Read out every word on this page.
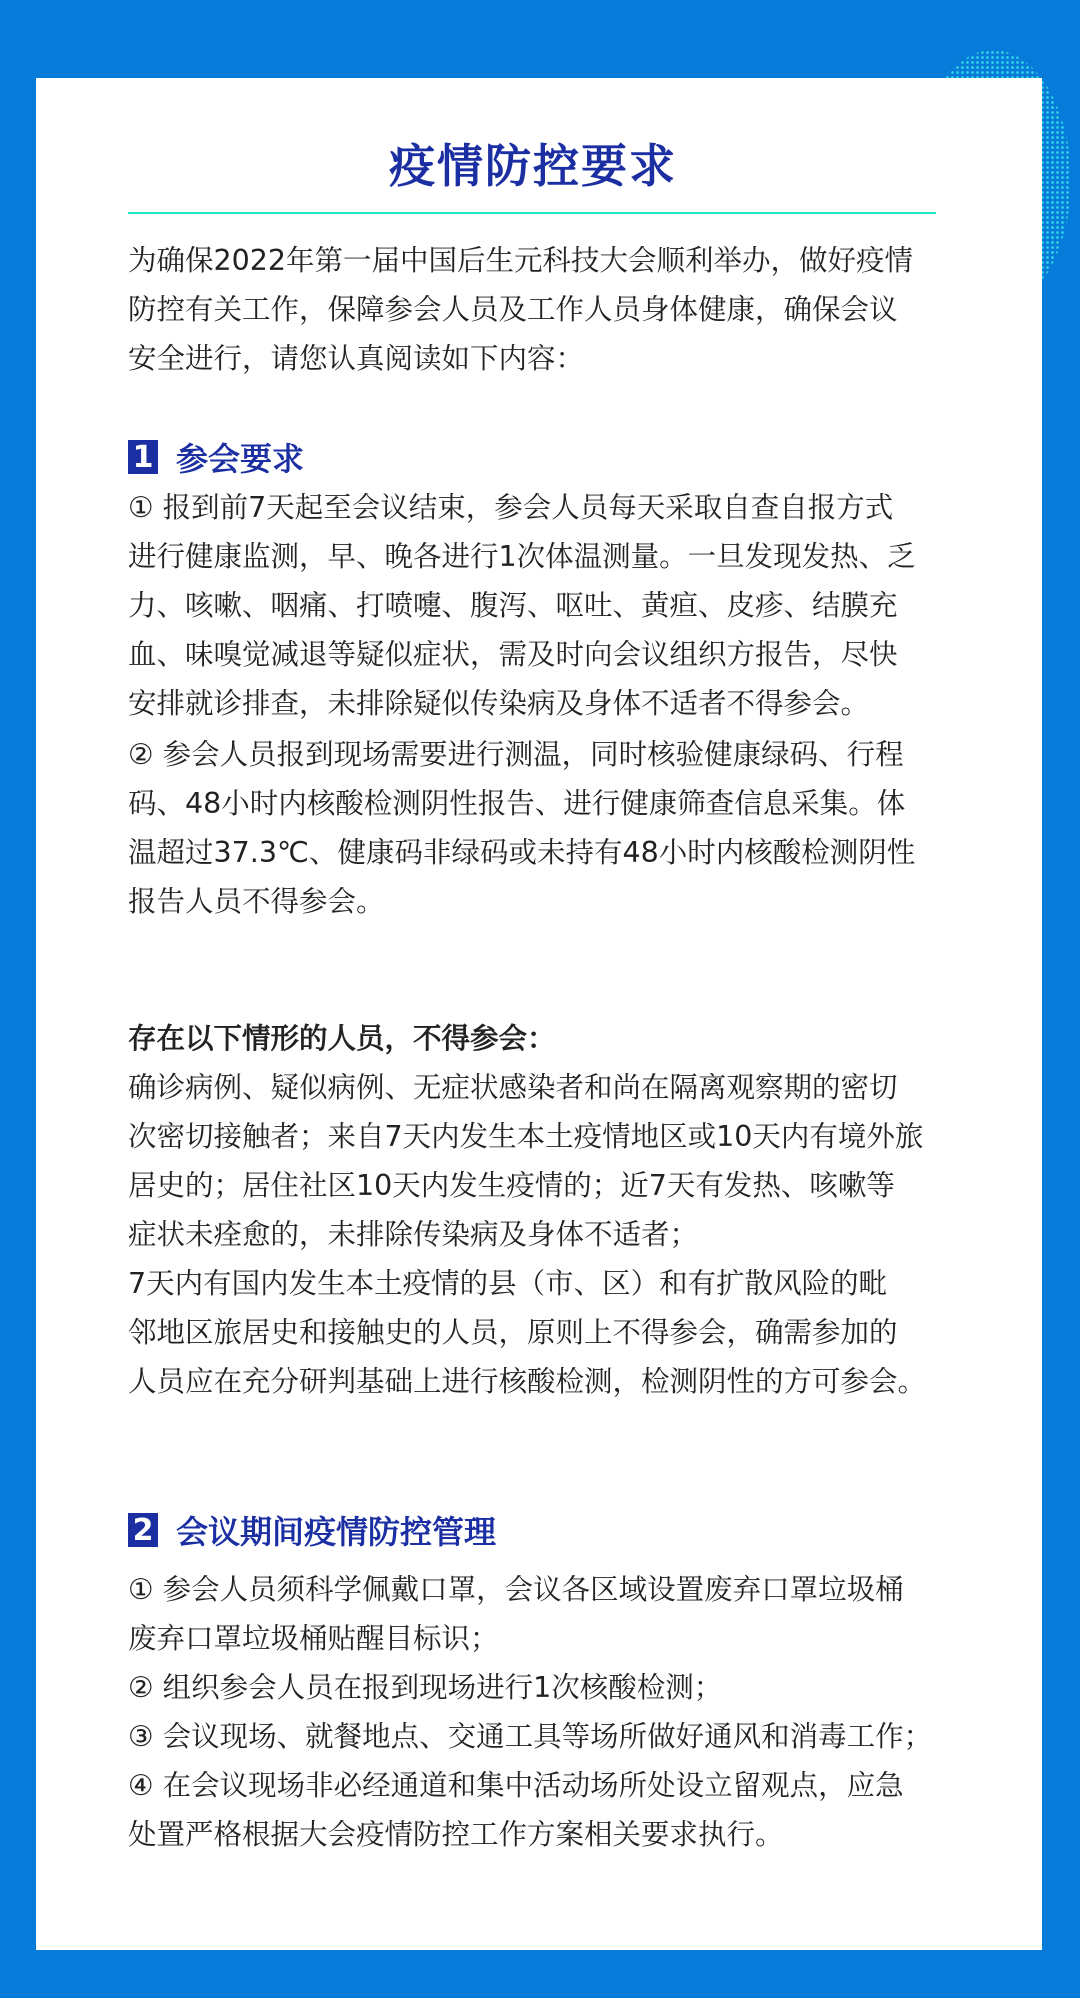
疫情防控要求
为确保2022年第一届中国后生元科技大会顺利举办，做好疫情
防控有关工作，保障参会人员及工作人员身体健康，确保会议
安全进行，请您认真阅读如下内容：
1 参会要求
① 报到前7天起至会议结束，参会人员每天采取自查自报方式
进行健康监测，早、晚各进行1次体温测量。一旦发现发热、乏
力、咳嗽、咽痛、打喷嚏、腹泻、呕吐、黄疸、皮疹、结膜充
血、味嗅觉减退等疑似症状，需及时向会议组织方报告，尽快
安排就诊排查，未排除疑似传染病及身体不适者不得参会。
② 参会人员报到现场需要进行测温，同时核验健康绿码、行程
码、48小时内核酸检测阴性报告、进行健康筛查信息采集。体
温超过37.3℃、健康码非绿码或未持有48小时内核酸检测阴性
报告人员不得参会。
存在以下情形的人员，不得参会：
确诊病例、疑似病例、无症状感染者和尚在隔离观察期的密切
次密切接触者；来自7天内发生本土疫情地区或10天内有境外旅
居史的；居住社区10天内发生疫情的；近7天有发热、咳嗽等
症状未痊愈的，未排除传染病及身体不适者；
7天内有国内发生本土疫情的县（市、区）和有扩散风险的毗
邻地区旅居史和接触史的人员，原则上不得参会，确需参加的
人员应在充分研判基础上进行核酸检测，检测阴性的方可参会。
2 会议期间疫情防控管理
① 参会人员须科学佩戴口罩，会议各区域设置废弃口罩垃圾桶
废弃口罩垃圾桶贴醒目标识；
② 组织参会人员在报到现场进行1次核酸检测；
③ 会议现场、就餐地点、交通工具等场所做好通风和消毒工作；
④ 在会议现场非必经通道和集中活动场所处设立留观点，应急
处置严格根据大会疫情防控工作方案相关要求执行。
